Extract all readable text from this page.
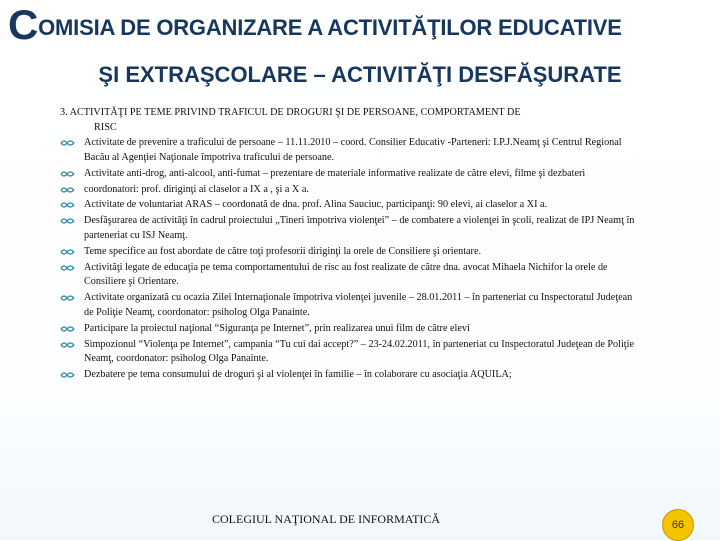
COMISIA DE ORGANIZARE A ACTIVITĂŢILOR EDUCATIVE
ŞI EXTRAŞCOLARE – ACTIVITĂŢI DESFĂŞURATE
3. ACTIVITĂŢI PE TEME PRIVIND TRAFICUL DE DROGURI ŞI DE PERSOANE, COMPORTAMENT DE
RISC
Activitate de prevenire a traficului de persoane – 11.11.2010 – coord. Consilier Educativ -Parteneri: I.P.J.Neamţ şi Centrul Regional Bacău al Agenţiei Naţionale împotriva traficului de persoane.
Activitate anti-drog, anti-alcool, anti-fumat – prezentare de materiale informative realizate de către elevi, filme şi dezbateri
coordonatori: prof. diriginţi ai claselor a IX a , şi a X a.
Activitate de voluntariat ARAS – coordonată de dna. prof. Alina Sauciuc, participanţi: 90 elevi, ai claselor a XI a.
Desfăşurarea de activităţi în cadrul proiectului „Tineri împotriva violenţei” – de combatere a violenţei în şcoli, realizat de IPJ Neamţ în parteneriat cu ISJ Neamţ.
Teme specifice au fost abordate de către toţi profesorii diriginţi la orele de Consiliere şi orientare.
Activităţi legate de educaţia pe tema comportamentului de risc au fost realizate de către dna. avocat Mihaela Nichifor la orele de Consiliere şi Orientare.
Activitate organizată cu ocazia Zilei Internaţionale împotriva violenţei juvenile – 28.01.2011 – în parteneriat cu Inspectoratul Judeţean de Poliţie Neamţ, coordonator: psiholog Olga Panainte.
Participare la proiectul naţional “Siguranţa pe Internet”, prin realizarea unui film de către elevi
Simpozionul “Violenţa pe Internet”, campania “Tu cui dai accept?” – 23-24.02.2011, în parteneriat cu Inspectoratul Judeţean de Poliţie Neamţ, coordonator: psiholog Olga Panainte.
Dezbatere pe tema consumului de droguri şi al violenţei în familie – în colaborare cu asociaţia AQUILA;
COLEGIUL NAŢIONAL DE INFORMATICĂ	66
